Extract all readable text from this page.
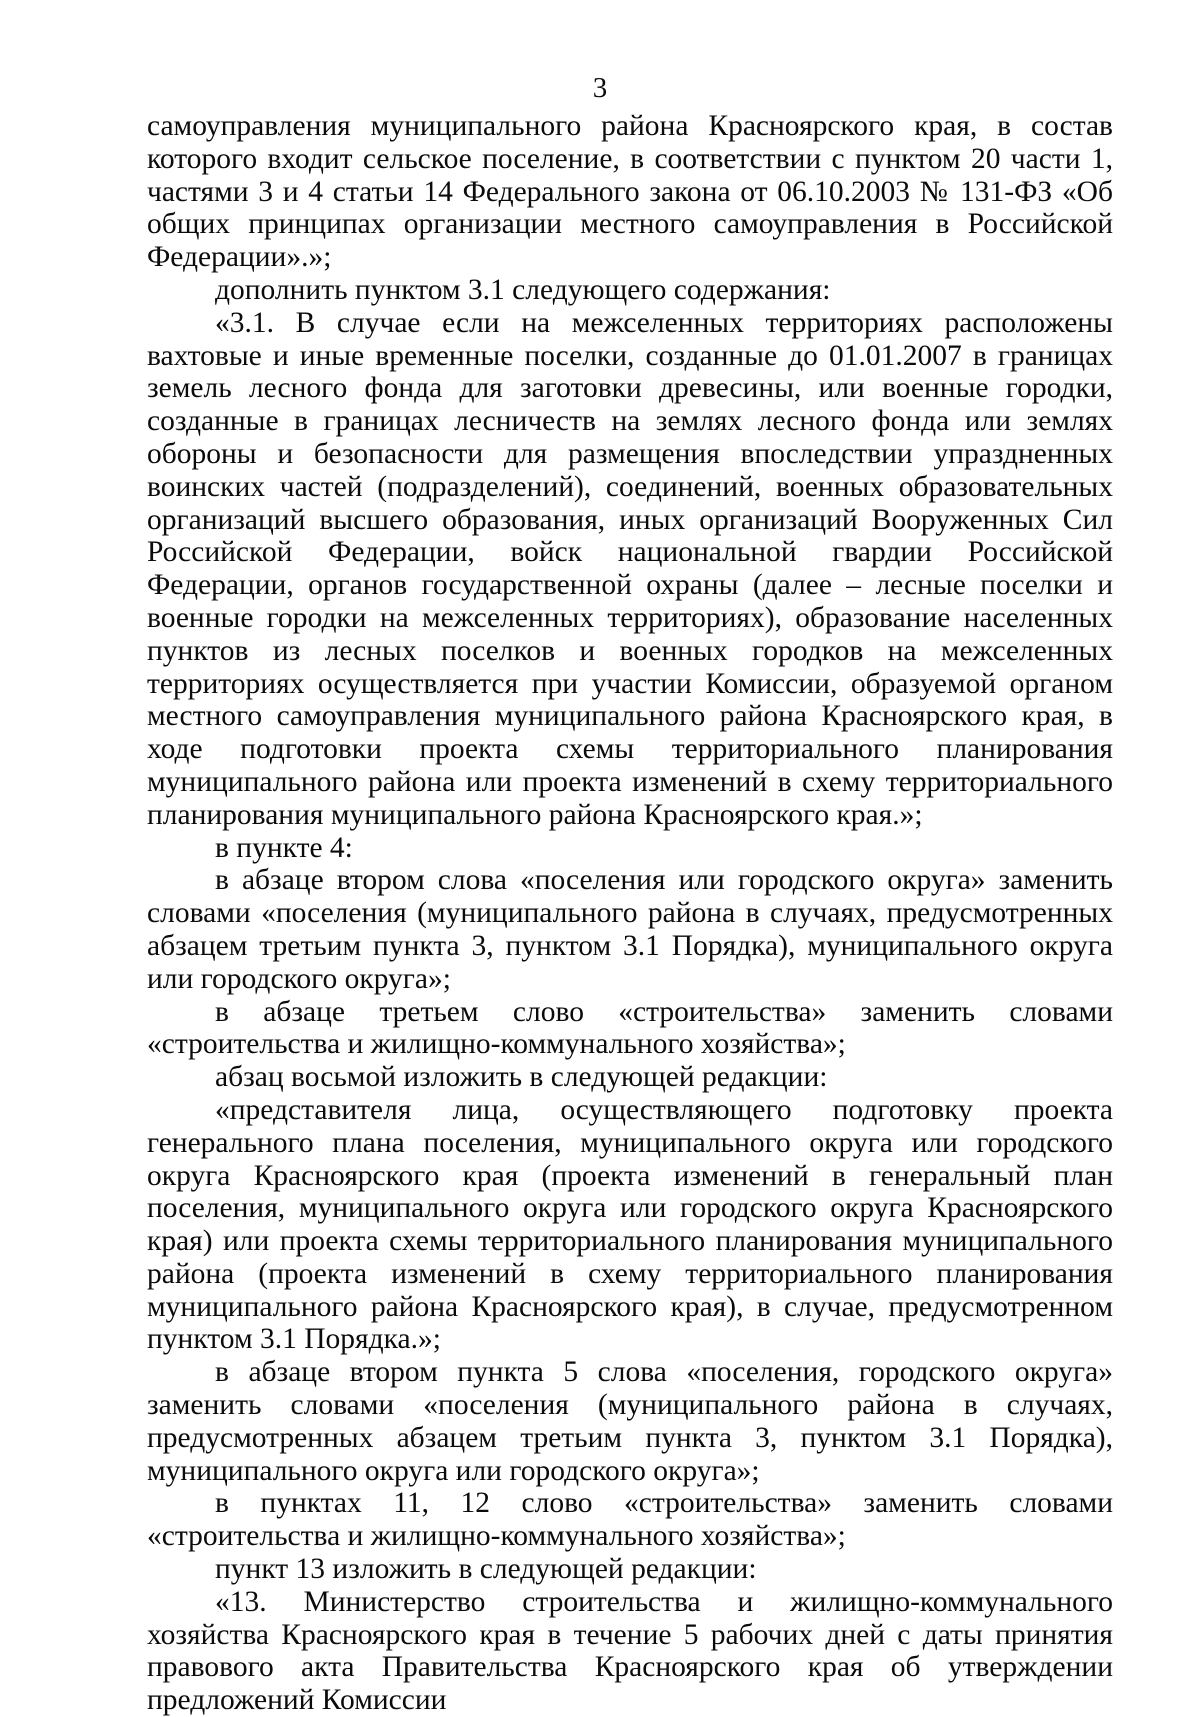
3

самоуправления муниципального района Красноярского края, в состав которого входит сельское поселение, в соответствии с пунктом 20 части 1, частями 3 и 4 статьи 14 Федерального закона от 06.10.2003 № 131-ФЗ «Об общих принципах организации местного самоуправления в Российской Федерации».»;

дополнить пунктом 3.1 следующего содержания:

«3.1. В случае если на межселенных территориях расположены вахтовые и иные временные поселки, созданные до 01.01.2007 в границах земель лесного фонда для заготовки древесины, или военные городки, созданные в границах лесничеств на землях лесного фонда или землях обороны и безопасности для размещения впоследствии упраздненных воинских частей (подразделений), соединений, военных образовательных организаций высшего образования, иных организаций Вооруженных Сил Российской Федерации, войск национальной гвардии Российской Федерации, органов государственной охраны (далее – лесные поселки и военные городки на межселенных территориях), образование населенных пунктов из лесных поселков и военных городков на межселенных территориях осуществляется при участии Комиссии, образуемой органом местного самоуправления муниципального района Красноярского края, в ходе подготовки проекта схемы территориального планирования муниципального района или проекта изменений в схему территориального планирования муниципального района Красноярского края.»;

в пункте 4:

в абзаце втором слова «поселения или городского округа» заменить словами «поселения (муниципального района в случаях, предусмотренных абзацем третьим пункта 3, пунктом 3.1 Порядка), муниципального округа или городского округа»;

в абзаце третьем слово «строительства» заменить словами «строительства и жилищно-коммунального хозяйства»;

абзац восьмой изложить в следующей редакции:

«представителя лица, осуществляющего подготовку проекта генерального плана поселения, муниципального округа или городского округа Красноярского края (проекта изменений в генеральный план поселения, муниципального округа или городского округа Красноярского края) или проекта схемы территориального планирования муниципального района (проекта изменений в схему территориального планирования муниципального района Красноярского края), в случае, предусмотренном пунктом 3.1 Порядка.»;

в абзаце втором пункта 5 слова «поселения, городского округа» заменить словами «поселения (муниципального района в случаях, предусмотренных абзацем третьим пункта 3, пунктом 3.1 Порядка), муниципального округа или городского округа»;

в пунктах 11, 12 слово «строительства» заменить словами «строительства и жилищно-коммунального хозяйства»;

пункт 13 изложить в следующей редакции:

«13. Министерство строительства и жилищно-коммунального хозяйства Красноярского края в течение 5 рабочих дней с даты принятия правового акта Правительства Красноярского края об утверждении предложений Комиссии
